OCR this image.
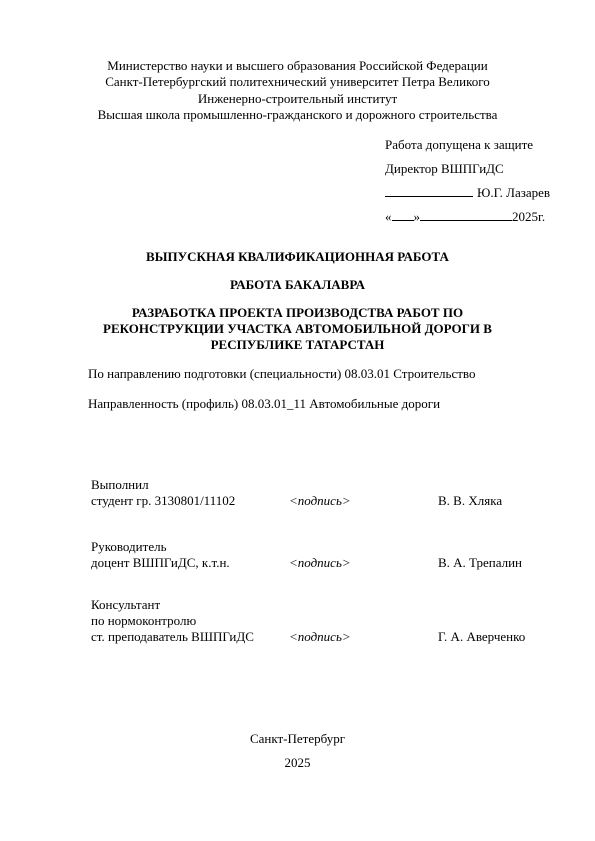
Министерство науки и высшего образования Российской Федерации
Санкт-Петербургский политехнический университет Петра Великого
Инженерно-строительный институт
Высшая школа промышленно-гражданского и дорожного строительства
Работа допущена к защите
Директор ВШПГиДС
Ю.Г. Лазарев
« »	2025г.
ВЫПУСКНАЯ КВАЛИФИКАЦИОННАЯ РАБОТА
РАБОТА БАКАЛАВРА
РАЗРАБОТКА ПРОЕКТА ПРОИЗВОДСТВА РАБОТ ПО
РЕКОНСТРУКЦИИ УЧАСТКА АВТОМОБИЛЬНОЙ ДОРОГИ В
РЕСПУБЛИКЕ ТАТАРСТАН
По направлению подготовки (специальности) 08.03.01 Строительство
Направленность (профиль) 08.03.01_11 Автомобильные дороги
Выполнил
студент гр. 3130801/11102	<подпись>	В. В. Хляка
Руководитель
доцент ВШПГиДС, к.т.н.	<подпись>	В. А. Трепалин
Консультант
по нормоконтролю
ст. преподаватель ВШПГиДС	<подпись>	Г. А. Аверченко
Санкт-Петербург
2025
